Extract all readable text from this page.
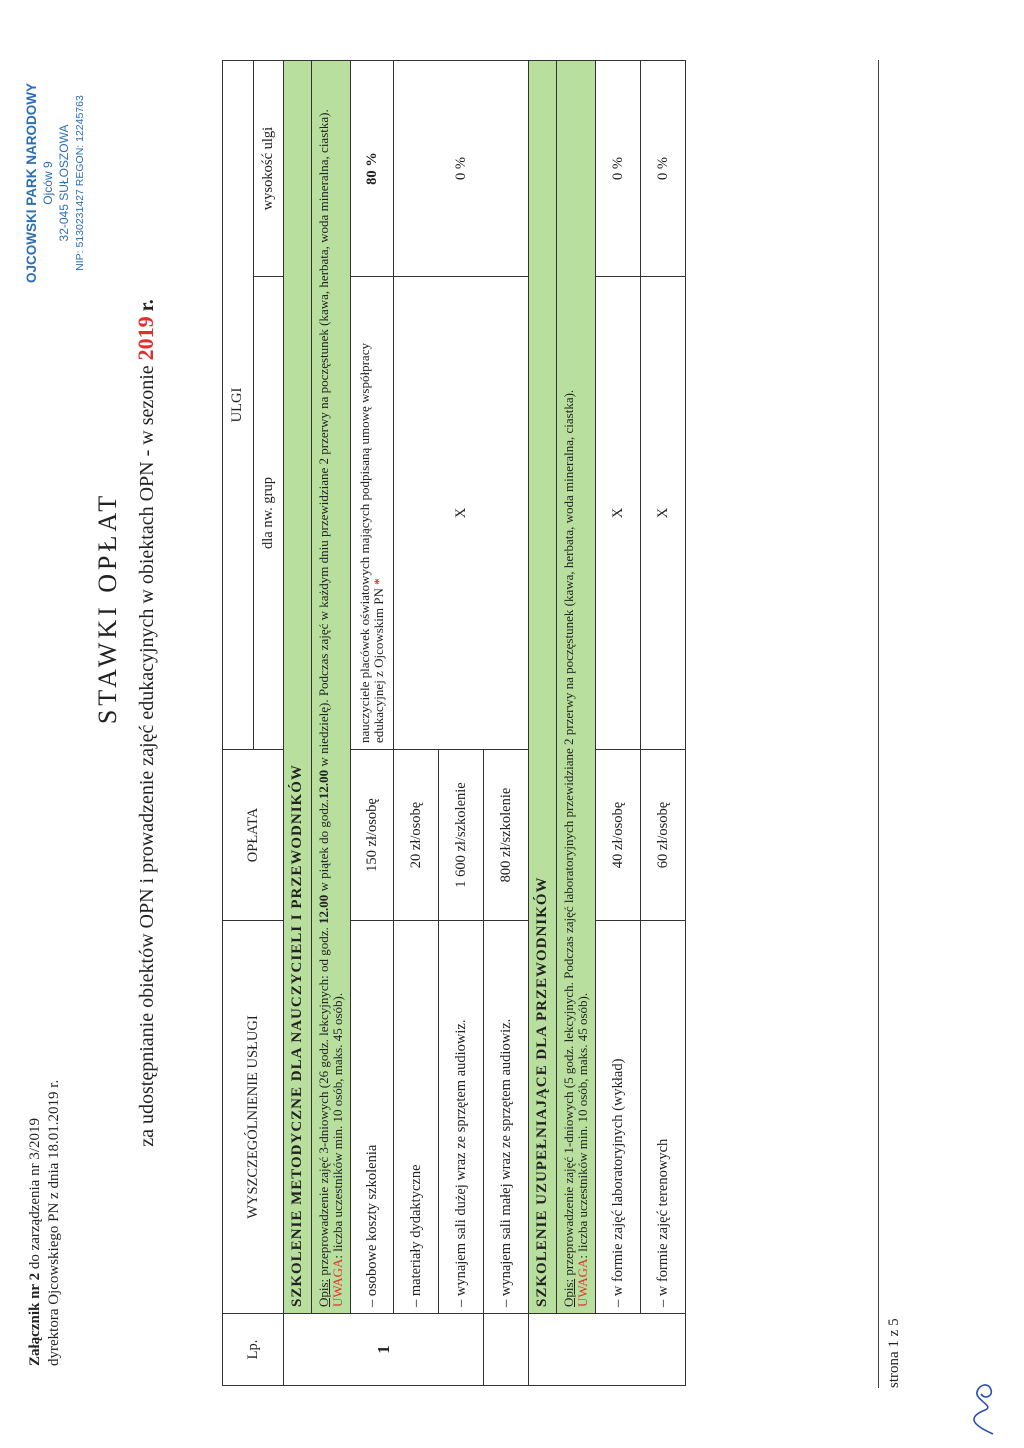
OJCOWSKI PARK NARODOWY Ojców 9 32-045 SUŁOSZOWA NIP: 5130231427 REGON: 12245763
Załącznik nr 2 do zarządzenia nr 3/2019 dyrektora Ojcowskiego PN z dnia 18.01.2019 r.
STAWKI OPŁAT za udostępnianie obiektów OPN i prowadzenie zajęć edukacyjnych w obiektach OPN - w sezonie 2019 r.
Lp.	WYSZCZEGÓLNIENIE USŁUGI	OPŁATA	ULGI	
			dla nw. grup	wysokość ulgi
1	SZKOLENIE METODYCZNE DLA NAUCZYCIELI I PRZEWODNIKÓW			
	Opis: przeprowadzenie zajęć 3-dniowych (26 godz. lekcyjnych: od godz. 12.00 w piątek do godz.12.00 w niedzielę). Podczas zajęć w każdym dniu przewidziane 2 przerwy na poczęstunek (kawa, herbata, woda mineralna, ciastka). UWAGA: liczba uczestników min. 10 osób, maks. 45 osób).			
	– osobowe koszty szkolenia	150 zł/osobę	nauczyciele placówek oświatowych mających podpisaną umowę współpracy edukacyjnej z Ojcowskim PN *	80 %
	– materiały dydaktyczne	20 zł/osobę	X	0 %
	– wynajem sali dużej wraz ze sprzętem audiowiz.	1 600 zł/szkolenie		
	– wynajem sali małej wraz ze sprzętem audiowiz.	800 zł/szkolenie		
	SZKOLENIE UZUPEŁNIAJĄCE DLA PRZEWODNIKÓW			
	Opis: przeprowadzenie zajęć 1-dniowych (5 godz. lekcyjnych. Podczas zajęć laboratoryjnych przewidziane 2 przerwy na poczęstunek (kawa, herbata, woda mineralna, ciastka).
UWAGA: liczba uczestników min. 10 osób, maks. 45 osób).			
	– w formie zajęć laboratoryjnych (wykład)	40 zł/osobę	X	0 %
	– w formie zajęć terenowych	60 zł/osobę	X	0 %
strona 1 z 5
